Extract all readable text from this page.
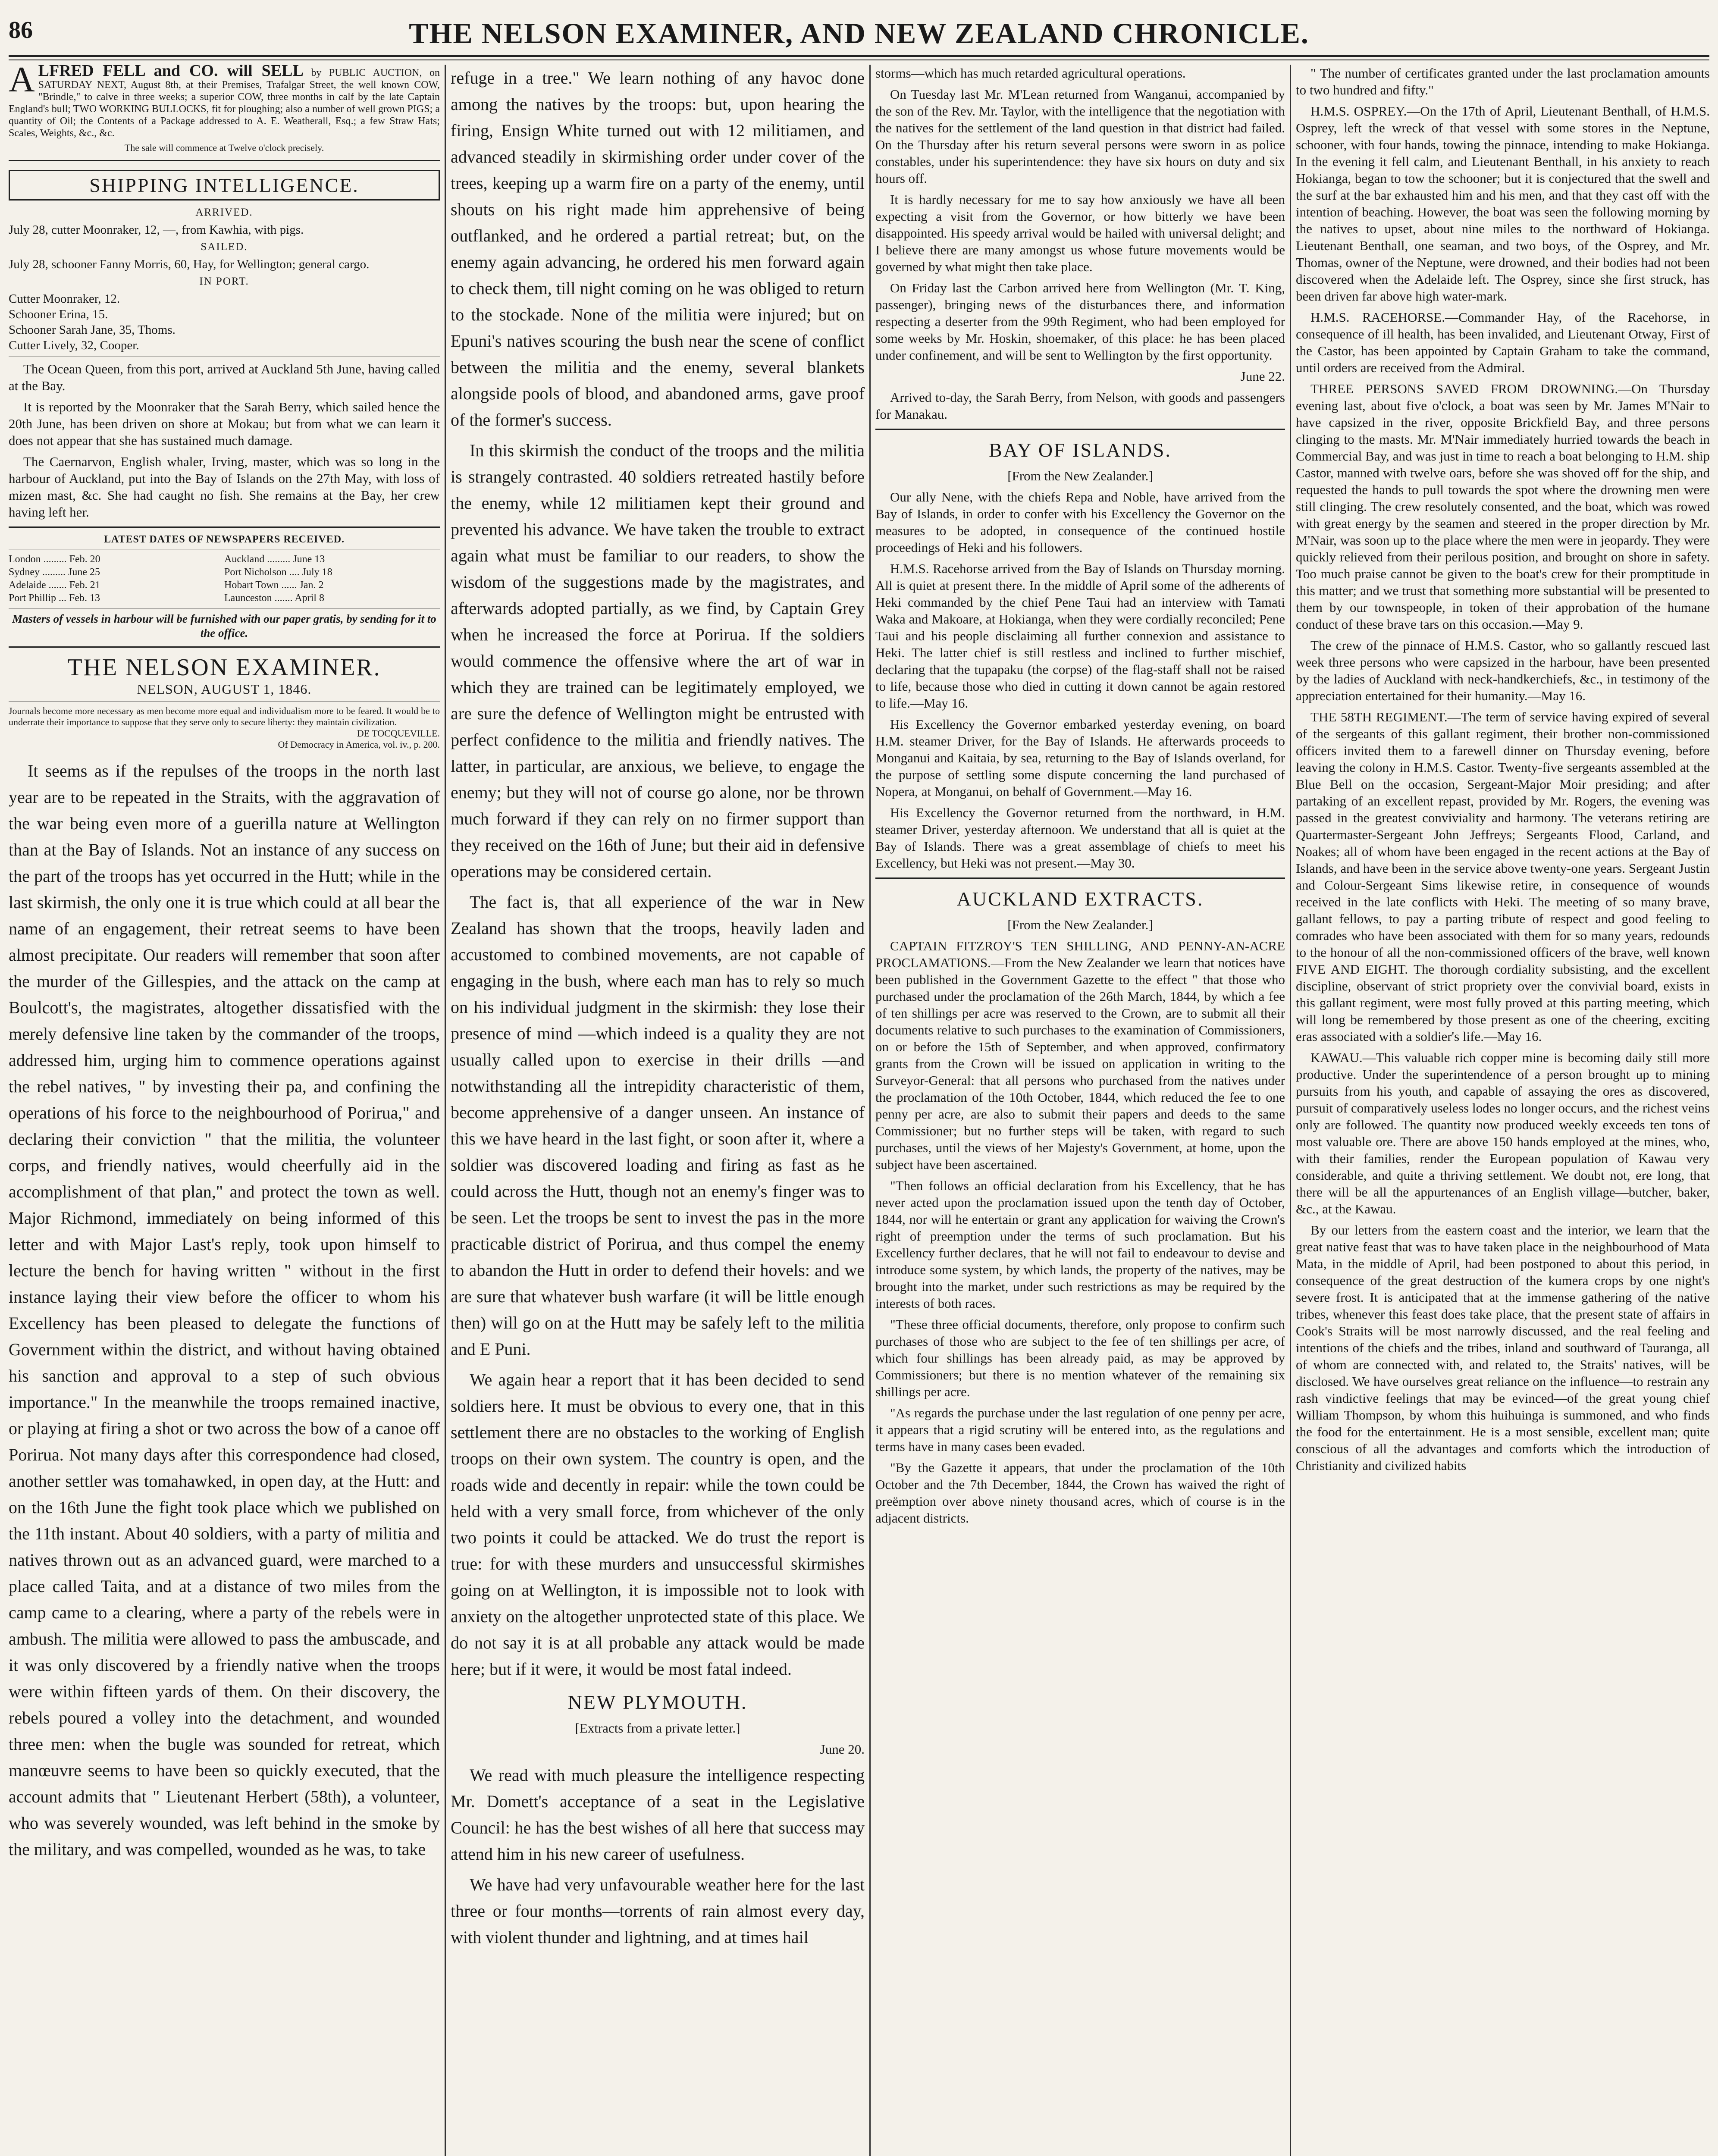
86	THE NELSON EXAMINER, AND NEW ZEALAND CHRONICLE.
A LFRED FELL and CO. will SELL by PUBLIC AUCTION, on SATURDAY NEXT, August 8th, at their Premises, Trafalgar Street, the well known COW, "Brindle," to calve in three weeks; a superior COW, three months in calf by the late Captain England's bull; TWO WORKING BULLOCKS, fit for ploughing; also a number of well grown PIGS; a quantity of Oil; the Contents of a Package addressed to A. E. Weatherall, Esq.; a few Straw Hats; Scales, Weights, &c., &c.
The sale will commence at Twelve o'clock precisely.
SHIPPING INTELLIGENCE.
ARRIVED.
July 28, cutter Moonraker, 12, —, from Kawhia, with pigs.
SAILED.
July 28, schooner Fanny Morris, 60, Hay, for Wellington; general cargo.
IN PORT.
Cutter Moonraker, 12.
Schooner Erina, 15.
Schooner Sarah Jane, 35, Thoms.
Cutter Lively, 32, Cooper.

The Ocean Queen, from this port, arrived at Auckland 5th June, having called at the Bay.

It is reported by the Moonraker that the Sarah Berry, which sailed hence the 20th June, has been driven on shore at Mokau; but from what we can learn it does not appear that she has sustained much damage.

The Caernarvon, English whaler, Irving, master, which was so long in the harbour of Auckland, put into the Bay of Islands on the 27th May, with loss of mizen mast, &c. She had caught no fish. She remains at the Bay, her crew having left her.

LATEST DATES OF NEWSPAPERS RECEIVED.
London ......... Feb. 20	Auckland ......... June 13
Sydney ......... June 25	Port Nicholson .... July 18
Adelaide ....... Feb. 21	Hobart Town ...... Jan. 2
Port Phillip ... Feb. 13	Launceston ....... April 8
Masters of vessels in harbour will be furnished with our paper gratis, by sending for it to the office.
THE NELSON EXAMINER.
NELSON, AUGUST 1, 1846.
Journals become more necessary as men become more equal and individualism more to be feared. It would be to underrate their importance to suppose that they serve only to secure liberty: they maintain civilization.
DE TOCQUEVILLE.
Of Democracy in America, vol. iv., p. 200.

It seems as if the repulses of the troops in the north last year are to be repeated in the Straits, with the aggravation of the war being even more of a guerilla nature at Wellington than at the Bay of Islands. Not an instance of any success on the part of the troops has yet occurred in the Hutt; while in the last skirmish, the only one it is true which could at all bear the name of an engagement, their retreat seems to have been almost precipitate. Our readers will remember that soon after the murder of the Gillespies, and the attack on the camp at Boulcott's, the magistrates, altogether dissatisfied with the merely defensive line taken by the commander of the troops, addressed him, urging him to commence operations against the rebel natives, " by investing their pa, and confining the operations of his force to the neighbourhood of Porirua," and declaring their conviction " that the militia, the volunteer corps, and friendly natives, would cheerfully aid in the accomplishment of that plan," and protect the town as well. Major Richmond, immediately on being informed of this letter and with Major Last's reply, took upon himself to lecture the bench for having written " without in the first instance laying their view before the officer to whom his Excellency has been pleased to delegate the functions of Government within the district, and without having obtained his sanction and approval to a step of such obvious importance." In the meanwhile the troops remained inactive, or playing at firing a shot or two across the bow of a canoe off Porirua. Not many days after this correspondence had closed, another settler was tomahawked, in open day, at the Hutt: and on the 16th June the fight took place which we published on the 11th instant. About 40 soldiers, with a party of militia and natives thrown out as an advanced guard, were marched to a place called Taita, and at a distance of two miles from the camp came to a clearing, where a party of the rebels were in ambush. The militia were allowed to pass the ambuscade, and it was only discovered by a friendly native when the troops were within fifteen yards of them. On their discovery, the rebels poured a volley into the detachment, and wounded three men: when the bugle was sounded for retreat, which manœuvre seems to have been so quickly executed, that the account admits that " Lieutenant Herbert (58th), a volunteer, who was severely wounded, was left behind in the smoke by the military, and was compelled, wounded as he was, to take

refuge in a tree." We learn nothing of any havoc done among the natives by the troops: but, upon hearing the firing, Ensign White turned out with 12 militiamen, and advanced steadily in skirmishing order under cover of the trees, keeping up a warm fire on a party of the enemy, until shouts on his right made him apprehensive of being outflanked, and he ordered a partial retreat; but, on the enemy again advancing, he ordered his men forward again to check them, till night coming on he was obliged to return to the stockade. None of the militia were injured; but on Epuni's natives scouring the bush near the scene of conflict between the militia and the enemy, several blankets alongside pools of blood, and abandoned arms, gave proof of the former's success.

In this skirmish the conduct of the troops and the militia is strangely contrasted. 40 soldiers retreated hastily before the enemy, while 12 militiamen kept their ground and prevented his advance. We have taken the trouble to extract again what must be familiar to our readers, to show the wisdom of the suggestions made by the magistrates, and afterwards adopted partially, as we find, by Captain Grey when he increased the force at Porirua. If the soldiers would commence the offensive where the art of war in which they are trained can be legitimately employed, we are sure the defence of Wellington might be entrusted with perfect confidence to the militia and friendly natives. The latter, in particular, are anxious, we believe, to engage the enemy; but they will not of course go alone, nor be thrown much forward if they can rely on no firmer support than they received on the 16th of June; but their aid in defensive operations may be considered certain.

The fact is, that all experience of the war in New Zealand has shown that the troops, heavily laden and accustomed to combined movements, are not capable of engaging in the bush, where each man has to rely so much on his individual judgment in the skirmish: they lose their presence of mind —which indeed is a quality they are not usually called upon to exercise in their drills —and notwithstanding all the intrepidity characteristic of them, become apprehensive of a danger unseen. An instance of this we have heard in the last fight, or soon after it, where a soldier was discovered loading and firing as fast as he could across the Hutt, though not an enemy's finger was to be seen. Let the troops be sent to invest the pas in the more practicable district of Porirua, and thus compel the enemy to abandon the Hutt in order to defend their hovels: and we are sure that whatever bush warfare (it will be little enough then) will go on at the Hutt may be safely left to the militia and E Puni.

We again hear a report that it has been decided to send soldiers here. It must be obvious to every one, that in this settlement there are no obstacles to the working of English troops on their own system. The country is open, and the roads wide and decently in repair: while the town could be held with a very small force, from whichever of the only two points it could be attacked. We do trust the report is true: for with these murders and unsuccessful skirmishes going on at Wellington, it is impossible not to look with anxiety on the altogether unprotected state of this place. We do not say it is at all probable any attack would be made here; but if it were, it would be most fatal indeed.

NEW PLYMOUTH.

[Extracts from a private letter.]

June 20.

We read with much pleasure the intelligence respecting Mr. Domett's acceptance of a seat in the Legislative Council: he has the best wishes of all here that success may attend him in his new career of usefulness.

We have had very unfavourable weather here for the last three or four months—torrents of rain almost every day, with violent thunder and lightning, and at times hail

storms—which has much retarded agricultural operations.

On Tuesday last Mr. M'Lean returned from Wanganui, accompanied by the son of the Rev. Mr. Taylor, with the intelligence that the negotiation with the natives for the settlement of the land question in that district had failed. On the Thursday after his return several persons were sworn in as police constables, under his superintendence: they have six hours on duty and six hours off.

It is hardly necessary for me to say how anxiously we have all been expecting a visit from the Governor, or how bitterly we have been disappointed. His speedy arrival would be hailed with universal delight; and I believe there are many amongst us whose future movements would be governed by what might then take place.

On Friday last the Carbon arrived here from Wellington (Mr. T. King, passenger), bringing news of the disturbances there, and information respecting a deserter from the 99th Regiment, who had been employed for some weeks by Mr. Hoskin, shoemaker, of this place: he has been placed under confinement, and will be sent to Wellington by the first opportunity.

June 22.

Arrived to-day, the Sarah Berry, from Nelson, with goods and passengers for Manakau.

BAY OF ISLANDS.

[From the New Zealander.]

Our ally Nene, with the chiefs Repa and Noble, have arrived from the Bay of Islands, in order to confer with his Excellency the Governor on the measures to be adopted, in consequence of the continued hostile proceedings of Heki and his followers.

H.M.S. Racehorse arrived from the Bay of Islands on Thursday morning. All is quiet at present there. In the middle of April some of the adherents of Heki commanded by the chief Pene Taui had an interview with Tamati Waka and Makoare, at Hokianga, when they were cordially reconciled; Pene Taui and his people disclaiming all further connexion and assistance to Heki. The latter chief is still restless and inclined to further mischief, declaring that the tupapaku (the corpse) of the flag-staff shall not be raised to life, because those who died in cutting it down cannot be again restored to life.—May 16.

His Excellency the Governor embarked yesterday evening, on board H.M. steamer Driver, for the Bay of Islands. He afterwards proceeds to Monganui and Kaitaia, by sea, returning to the Bay of Islands overland, for the purpose of settling some dispute concerning the land purchased of Nopera, at Monganui, on behalf of Government.—May 16.

His Excellency the Governor returned from the northward, in H.M. steamer Driver, yesterday afternoon. We understand that all is quiet at the Bay of Islands. There was a great assemblage of chiefs to meet his Excellency, but Heki was not present.—May 30.

AUCKLAND EXTRACTS.

[From the New Zealander.]

CAPTAIN FITZROY'S TEN SHILLING, AND PENNY-AN-ACRE PROCLAMATIONS.—From the New Zealander we learn that notices have been published in the Government Gazette to the effect " that those who purchased under the proclamation of the 26th March, 1844, by which a fee of ten shillings per acre was reserved to the Crown, are to submit all their documents relative to such purchases to the examination of Commissioners, on or before the 15th of September, and when approved, confirmatory grants from the Crown will be issued on application in writing to the Surveyor-General: that all persons who purchased from the natives under the proclamation of the 10th October, 1844, which reduced the fee to one penny per acre, are also to submit their papers and deeds to the same Commissioner; but no further steps will be taken, with regard to such purchases, until the views of her Majesty's Government, at home, upon the subject have been ascertained.

"Then follows an official declaration from his Excellency, that he has never acted upon the proclamation issued upon the tenth day of October, 1844, nor will he entertain or grant any application for waiving the Crown's right of preemption under the terms of such proclamation. But his Excellency further declares, that he will not fail to endeavour to devise and introduce some system, by which lands, the property of the natives, may be brought into the market, under such restrictions as may be required by the interests of both races.

"These three official documents, therefore, only propose to confirm such purchases of those who are subject to the fee of ten shillings per acre, of which four shillings has been already paid, as may be approved by Commissioners; but there is no mention whatever of the remaining six shillings per acre.

"As regards the purchase under the last regulation of one penny per acre, it appears that a rigid scrutiny will be entered into, as the regulations and terms have in many cases been evaded.

"By the Gazette it appears, that under the proclamation of the 10th October and the 7th December, 1844, the Crown has waived the right of preëmption over above ninety thousand acres, which of course is in the adjacent districts.

" The number of certificates granted under the last proclamation amounts to two hundred and fifty."

H.M.S. OSPREY.—On the 17th of April, Lieutenant Benthall, of H.M.S. Osprey, left the wreck of that vessel with some stores in the Neptune, schooner, with four hands, towing the pinnace, intending to make Hokianga. In the evening it fell calm, and Lieutenant Benthall, in his anxiety to reach Hokianga, began to tow the schooner; but it is conjectured that the swell and the surf at the bar exhausted him and his men, and that they cast off with the intention of beaching. However, the boat was seen the following morning by the natives to upset, about nine miles to the northward of Hokianga. Lieutenant Benthall, one seaman, and two boys, of the Osprey, and Mr. Thomas, owner of the Neptune, were drowned, and their bodies had not been discovered when the Adelaide left. The Osprey, since she first struck, has been driven far above high water-mark.

H.M.S. RACEHORSE.—Commander Hay, of the Racehorse, in consequence of ill health, has been invalided, and Lieutenant Otway, First of the Castor, has been appointed by Captain Graham to take the command, until orders are received from the Admiral.

THREE PERSONS SAVED FROM DROWNING.—On Thursday evening last, about five o'clock, a boat was seen by Mr. James M'Nair to have capsized in the river, opposite Brickfield Bay, and three persons clinging to the masts. Mr. M'Nair immediately hurried towards the beach in Commercial Bay, and was just in time to reach a boat belonging to H.M. ship Castor, manned with twelve oars, before she was shoved off for the ship, and requested the hands to pull towards the spot where the drowning men were still clinging. The crew resolutely consented, and the boat, which was rowed with great energy by the seamen and steered in the proper direction by Mr. M'Nair, was soon up to the place where the men were in jeopardy. They were quickly relieved from their perilous position, and brought on shore in safety. Too much praise cannot be given to the boat's crew for their promptitude in this matter; and we trust that something more substantial will be presented to them by our townspeople, in token of their approbation of the humane conduct of these brave tars on this occasion.—May 9.

The crew of the pinnace of H.M.S. Castor, who so gallantly rescued last week three persons who were capsized in the harbour, have been presented by the ladies of Auckland with neck-handkerchiefs, &c., in testimony of the appreciation entertained for their humanity.—May 16.

THE 58TH REGIMENT.—The term of service having expired of several of the sergeants of this gallant regiment, their brother non-commissioned officers invited them to a farewell dinner on Thursday evening, before leaving the colony in H.M.S. Castor. Twenty-five sergeants assembled at the Blue Bell on the occasion, Sergeant-Major Moir presiding; and after partaking of an excellent repast, provided by Mr. Rogers, the evening was passed in the greatest conviviality and harmony. The veterans retiring are Quartermaster-Sergeant John Jeffreys; Sergeants Flood, Carland, and Noakes; all of whom have been engaged in the recent actions at the Bay of Islands, and have been in the service above twenty-one years. Sergeant Justin and Colour-Sergeant Sims likewise retire, in consequence of wounds received in the late conflicts with Heki. The meeting of so many brave, gallant fellows, to pay a parting tribute of respect and good feeling to comrades who have been associated with them for so many years, redounds to the honour of all the non-commissioned officers of the brave, well known FIVE AND EIGHT. The thorough cordiality subsisting, and the excellent discipline, observant of strict propriety over the convivial board, exists in this gallant regiment, were most fully proved at this parting meeting, which will long be remembered by those present as one of the cheering, exciting eras associated with a soldier's life.—May 16.

KAWAU.—This valuable rich copper mine is becoming daily still more productive. Under the superintendence of a person brought up to mining pursuits from his youth, and capable of assaying the ores as discovered, pursuit of comparatively useless lodes no longer occurs, and the richest veins only are followed. The quantity now produced weekly exceeds ten tons of most valuable ore. There are above 150 hands employed at the mines, who, with their families, render the European population of Kawau very considerable, and quite a thriving settlement. We doubt not, ere long, that there will be all the appurtenances of an English village—butcher, baker, &c., at the Kawau.

By our letters from the eastern coast and the interior, we learn that the great native feast that was to have taken place in the neighbourhood of Mata Mata, in the middle of April, had been postponed to about this period, in consequence of the great destruction of the kumera crops by one night's severe frost. It is anticipated that at the immense gathering of the native tribes, whenever this feast does take place, that the present state of affairs in Cook's Straits will be most narrowly discussed, and the real feeling and intentions of the chiefs and the tribes, inland and southward of Tauranga, all of whom are connected with, and related to, the Straits' natives, will be disclosed. We have ourselves great reliance on the influence—to restrain any rash vindictive feelings that may be evinced—of the great young chief William Thompson, by whom this huihuinga is summoned, and who finds the food for the entertainment. He is a most sensible, excellent man; quite conscious of all the advantages and comforts which the introduction of Christianity and civilized habits
